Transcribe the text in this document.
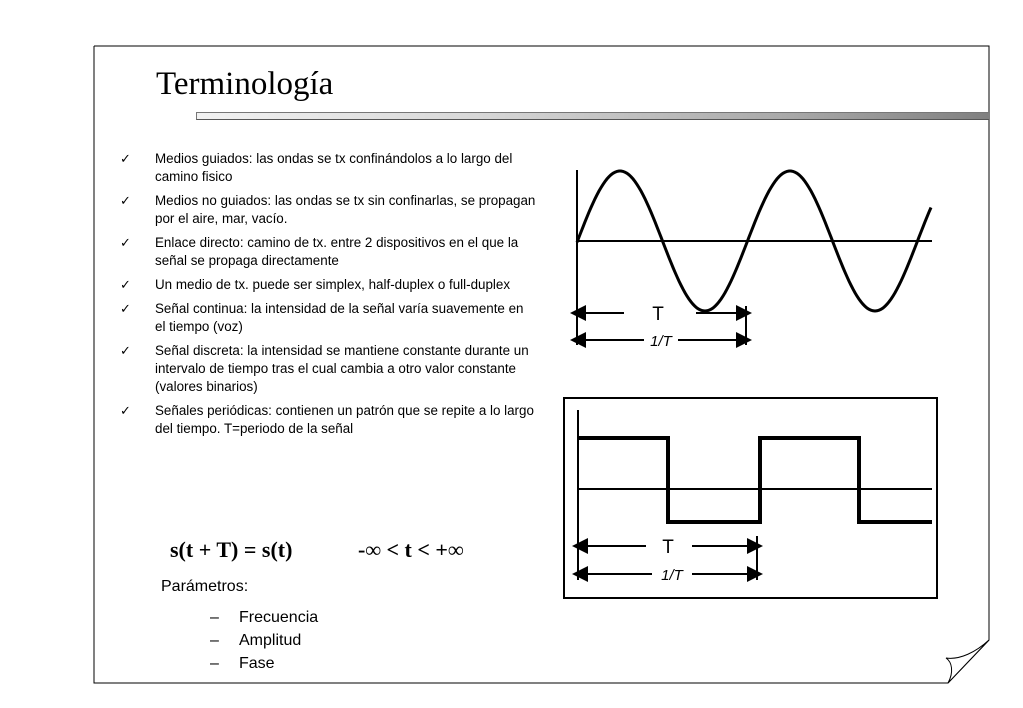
Terminología
✓ Medios guiados: las ondas se tx confinándolos a lo largo del camino fisico
✓ Medios no guiados: las ondas se tx sin confinarlas, se propagan por el aire, mar, vacío.
✓ Enlace directo: camino de tx. entre 2 dispositivos en el que la señal se propaga directamente
✓ Un medio de tx. puede ser simplex, half-duplex o full-duplex
✓ Señal continua: la intensidad de la señal varía suavemente en el tiempo (voz)
✓ Señal discreta: la intensidad se mantiene constante durante un intervalo de tiempo tras el cual cambia a otro valor constante (valores binarios)
✓ Señales periódicas: contienen un patrón que se repite a lo largo del tiempo. T=periodo de la señal
s(t + T) = s(t)	-∞ < t < +∞
Parámetros:
– Frecuencia
– Amplitud
– Fase
T
1/T
T
1/T
